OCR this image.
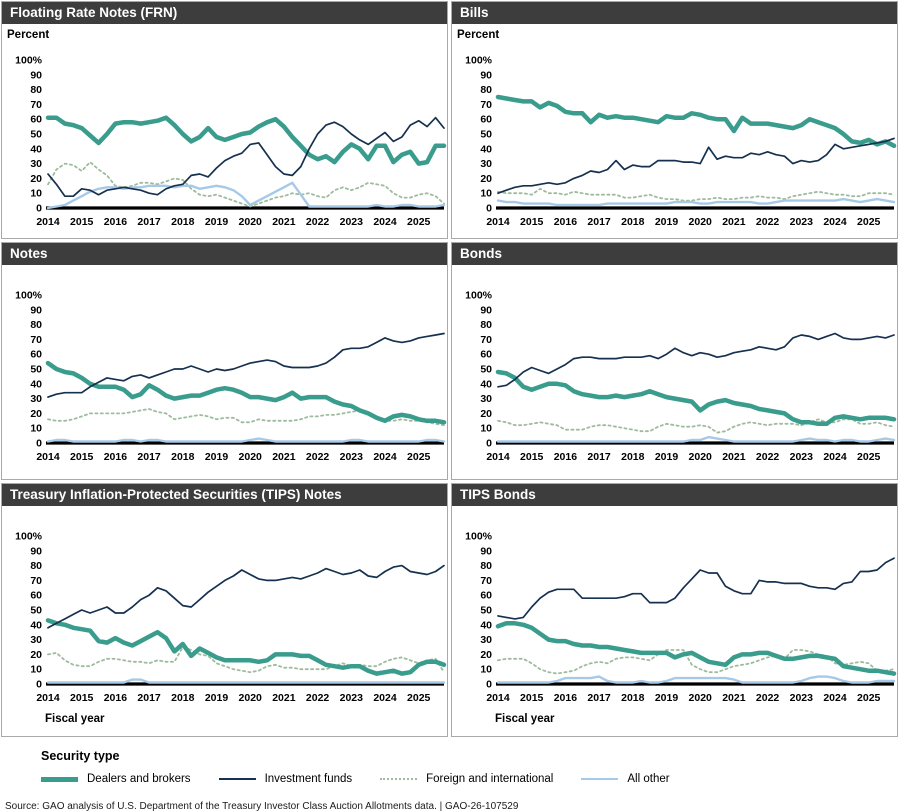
Floating Rate Notes (FRN)
Percent
100%
90
80
70
60
50
40
30
20
10
0
2014 2015 2016 2017 2018 2019 2020 2021 2022 2023 2024 2025
Bills
Percent
100%
90
80
70
60
50
40
30
20
10
0
2014 2015 2016 2017 2018 2019 2020 2021 2022 2023 2024 2025
Notes
100%
90
80
70
60
50
40
30
20
10
0
2014 2015 2016 2017 2018 2019 2020 2021 2022 2023 2024 2025
Bonds
100%
90
80
70
60
50
40
30
20
10
0
2014 2015 2016 2017 2018 2019 2020 2021 2022 2023 2024 2025
Treasury Inflation-Protected Securities (TIPS) Notes
100%
90
80
70
60
50
40
30
20
10
0
2014 2015 2016 2017 2018 2019 2020 2021 2022 2023 2024 2025
Fiscal year
TIPS Bonds
100%
90
80
70
60
50
40
30
20
10
0
2014 2015 2016 2017 2018 2019 2020 2021 2022 2023 2024 2025
Fiscal year
Security type
Dealers and brokers	Investment funds	Foreign and international	All other
Source: GAO analysis of U.S. Department of the Treasury Investor Class Auction Allotments data. | GAO-26-107529
